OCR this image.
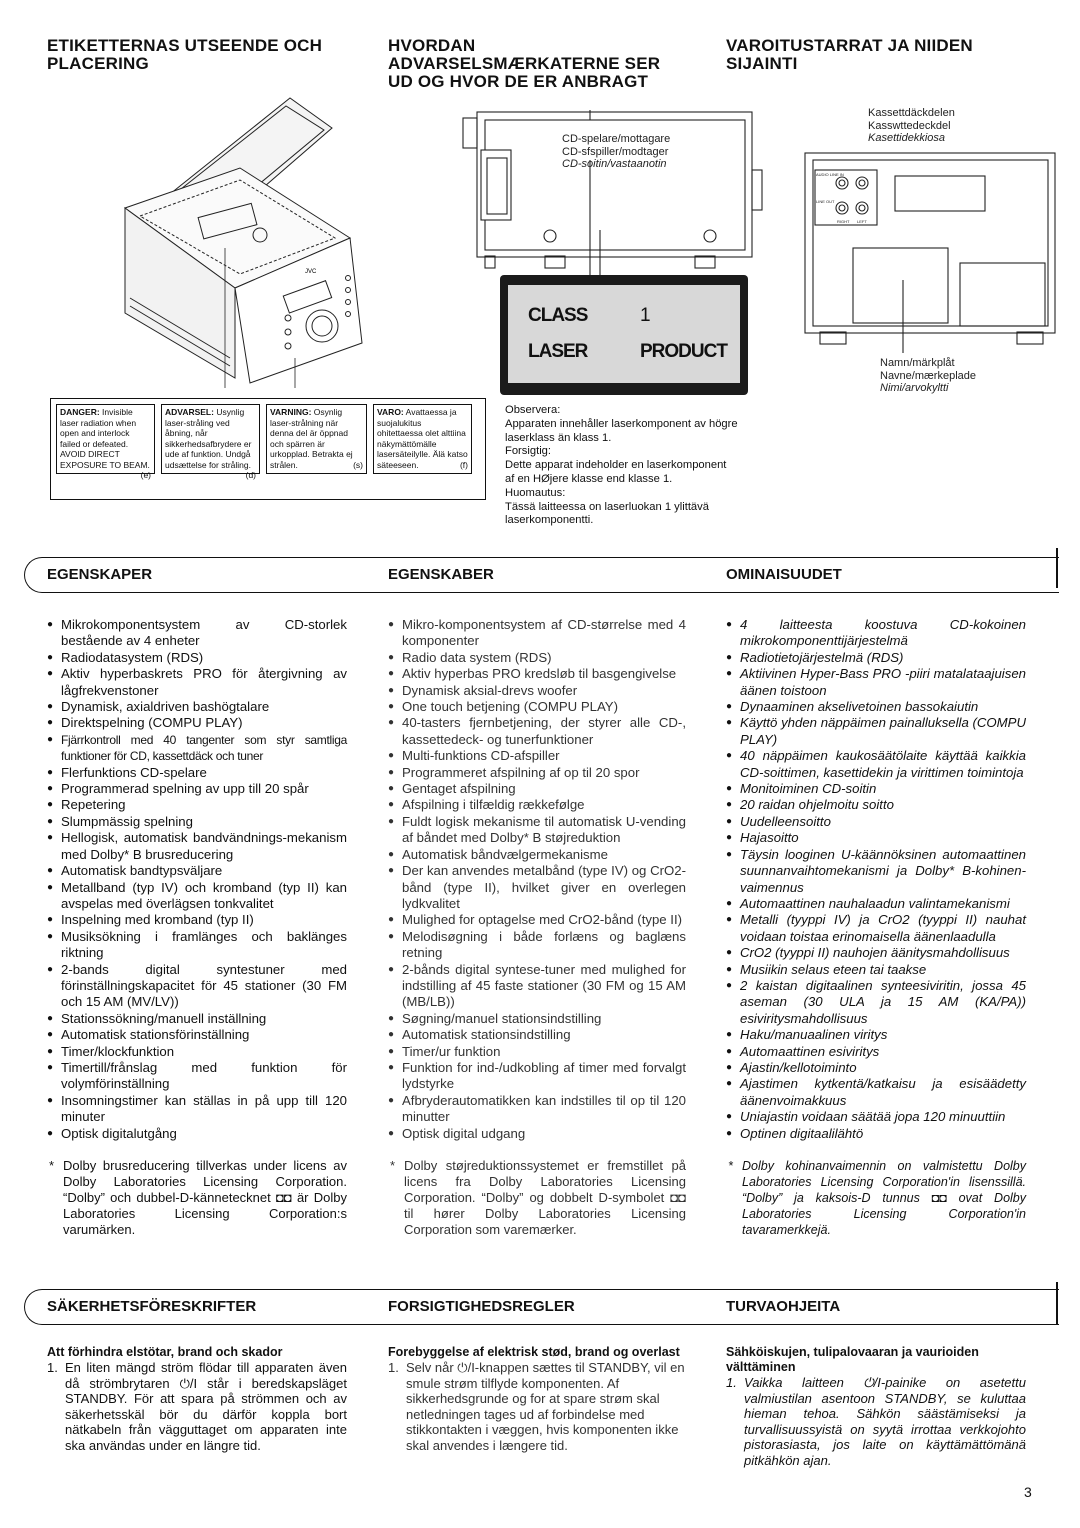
ETIKETTERNAS UTSEENDE OCH
PLACERING
HVORDAN
ADVARSELSMÆRKATERNE SER
UD OG HVOR DE ER ANBRAGT
VAROITUSTARRAT JA NIIDEN
SIJAINTI
JVC
DANGER: Invisible laser radiation when open and interlock failed or defeated. AVOID DIRECT EXPOSURE TO BEAM.
(e)
ADVARSEL: Usynlig laser-stråling ved åbning, når sikkerhedsafbrydere er ude af funktion. Undgå udsættelse for stråling.
(d)
VARNING: Osynlig laser-strålning när denna del är öppnad och spärren är urkopplad. Betrakta ej strålen.	(s)
VARO: Avattaessa ja suojalukitus ohitettaessa olet alttiina näkymättömälle lasersäteilylle. Älä katso säteeseen.	(f)
CD-spelare/mottagare
CD-sfspiller/modtager
CD-soitin/vastaanotin
CLASS	1
LASER	PRODUCT
Observera:
Apparaten innehåller laserkomponent av högre
laserklass än klass 1.
Forsigtig:
Dette apparat indeholder en laserkomponent
af en HØjere klasse end klasse 1.
Huomautus:
Tässä laitteessa on laserluokan 1 ylittävä
laserkomponentti.
Kassettdäckdelen
Kasswttedeckdel
Kasettidekkiosa
AUDIO LINE IN
LINE OUT
RIGHT LEFT
Namn/märkplåt
Navne/mærkeplade
Nimi/arvokyltti
EGENSKAPER	EGENSKABER	OMINAISUUDET
● Mikrokomponentsystem av CD-storlek bestående av 4 enheter
● Radiodatasystem (RDS)
● Aktiv hyperbaskrets PRO för återgivning av lågfrekvenstoner
● Dynamisk, axialdriven bashögtalare
● Direktspelning (COMPU PLAY)
● Fjärrkontroll med 40 tangenter som styr samtliga funktioner för CD, kassettdäck och tuner
● Flerfunktions CD-spelare
● Programmerad spelning av upp till 20 spår
● Repetering
● Slumpmässig spelning
● Hellogisk, automatisk bandvändnings-mekanism med Dolby* B brusreducering
● Automatisk bandtypsväljare
● Metallband (typ IV) och kromband (typ II) kan avspelas med överlägsen tonkvalitet
● Inspelning med kromband (typ II)
● Musiksökning i framlänges och baklänges riktning
● 2-bands digital syntestuner med förinställningskapacitet för 45 stationer (30 FM och 15 AM (MV/LV))
● Stationssökning/manuell inställning
● Automatisk stationsförinställning
● Timer/klockfunktion
● Timertill/frånslag med funktion för volymförinställning
● Insomningstimer kan ställas in på upp till 120 minuter
● Optisk digitalutgång
* Dolby brusreducering tillverkas under licens av Dolby Laboratories Licensing Corporation. “Dolby” och dubbel-D-kännetecknet ◘◘ är Dolby Laboratories Licensing Corporation:s varumärken.
● Mikro-komponentsystem af CD-størrelse med 4 komponenter
● Radio data system (RDS)
● Aktiv hyperbas PRO kredsløb til basgengivelse
● Dynamisk aksial-drevs woofer
● One touch betjening (COMPU PLAY)
● 40-tasters fjernbetjening, der styrer alle CD-, kassettedeck- og tunerfunktioner
● Multi-funktions CD-afspiller
● Programmeret afspilning af op til 20 spor
● Gentaget afspilning
● Afspilning i tilfældig rækkefølge
● Fuldt logisk mekanisme til automatisk U-vending af båndet med Dolby* B støjreduktion
● Automatisk båndvælgermekanisme
● Der kan anvendes metalbånd (type IV) og CrO2-bånd (type II), hvilket giver en overlegen lydkvalitet
● Mulighed for optagelse med CrO2-bånd (type II)
● Melodisøgning i både forlæns og baglæns retning
● 2-bånds digital syntese-tuner med mulighed for indstilling af 45 faste stationer (30 FM og 15 AM (MB/LB))
● Søgning/manuel stationsindstilling
● Automatisk stationsindstilling
● Timer/ur funktion
● Funktion for ind-/udkobling af timer med forvalgt lydstyrke
● Afbryderautomatikken kan indstilles til op til 120 minutter
● Optisk digital udgang
* Dolby støjreduktionssystemet er fremstillet på licens fra Dolby Laboratories Licensing Corporation. “Dolby” og dobbelt D-symbolet ◘◘ til hører Dolby Laboratories Licensing Corporation som varemærker.
● 4 laitteesta koostuva CD-kokoinen mikrokomponenttijärjestelmä
● Radiotietojärjestelmä (RDS)
● Aktiivinen Hyper-Bass PRO -piiri matalataajuisen äänen toistoon
● Dynaaminen akselivetoinen bassokaiutin
● Käyttö yhden näppäimen painalluksella (COMPU PLAY)
● 40 näppäimen kaukosäätölaite käyttää kaikkia CD-soittimen, kasettidekin ja virittimen toimintoja
● Monitoiminen CD-soitin
● 20 raidan ohjelmoitu soitto
● Uudelleensoitto
● Hajasoitto
● Täysin looginen U-käännöksinen automaattinen suunnanvaihtomekanismi ja Dolby* B-kohinen-vaimennus
● Automaattinen nauhalaadun valintamekanismi
● Metalli (tyyppi IV) ja CrO2 (tyyppi II) nauhat voidaan toistaa erinomaisella äänenlaadulla
● CrO2 (tyyppi II) nauhojen äänitysmahdollisuus
● Musiikin selaus eteen tai taakse
● 2 kaistan digitaalinen synteesiviritin, jossa 45 aseman (30 ULA ja 15 AM (KA/PA)) esiviritysmahdollisuus
● Haku/manuaalinen viritys
● Automaattinen esiviritys
● Ajastin/kellotoiminto
● Ajastimen kytkentä/katkaisu ja esisäädetty äänenvoimakkuus
● Uniajastin voidaan säätää jopa 120 minuuttiin
● Optinen digitaalilähtö
* Dolby kohinanvaimennin on valmistettu Dolby Laboratories Licensing Corporation'in lisenssillä. “Dolby” ja kaksois-D tunnus ◘◘ ovat Dolby Laboratories Licensing Corporation'in tavaramerkkejä.
SÄKERHETSFÖRESKRIFTER	FORSIGTIGHEDSREGLER	TURVAOHJEITA
Att förhindra elstötar, brand och skador
1. En liten mängd ström flödar till apparaten även då strömbrytaren ⏻/I står i beredskapsläget STANDBY. För att spara på strömmen och av säkerhetsskäl bör du därför koppla bort nätkabeln från vägguttaget om apparaten inte ska användas under en längre tid.
Forebyggelse af elektrisk stød, brand og overlast
1. Selv når ⏻/I-knappen sættes til STANDBY, vil en smule strøm tilflyde komponenten. Af sikkerhedsgrunde og for at spare strøm skal netledningen tages ud af forbindelse med stikkontakten i væggen, hvis komponenten ikke skal anvendes i længere tid.
Sähköiskujen, tulipalovaaran ja vaurioiden välttäminen
1. Vaikka laitteen ⏻/I-painike on asetettu valmiustilan asentoon STANDBY, se kuluttaa hieman tehoa. Sähkön säästämiseksi ja turvallisuussyistä on syytä irrottaa verkkojohto pistorasiasta, jos laite on käyttämättömänä pitkähkön ajan.
3
